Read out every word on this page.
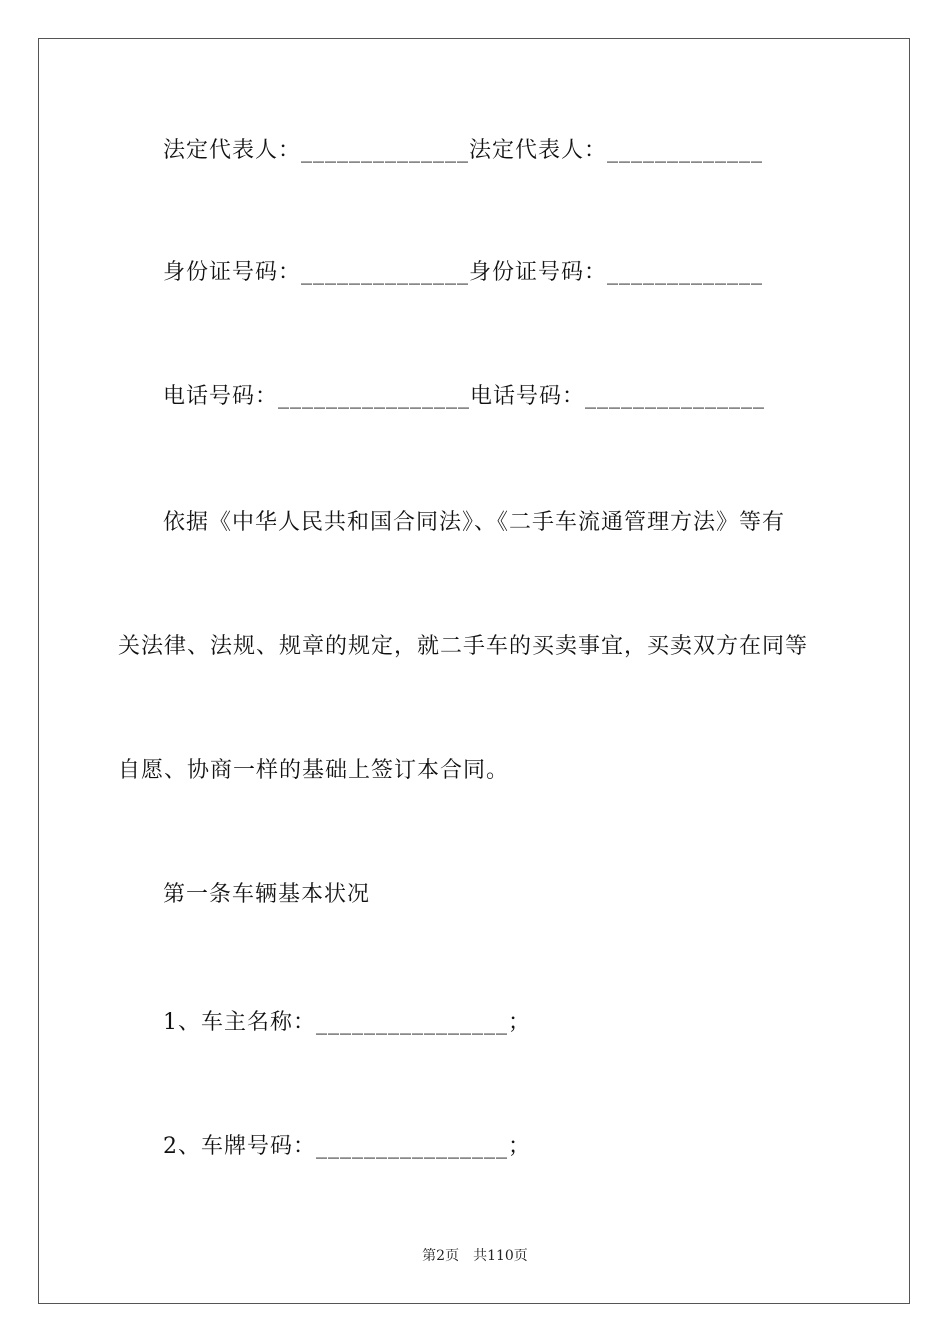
法定代表人：______________法定代表人：_____________
身份证号码：______________身份证号码：_____________
电话号码：________________电话号码：_______________
依据《中华人民共和国合同法》、《二手车流通管理方法》等有
关法律、法规、规章的规定，就二手车的买卖事宜，买卖双方在同等
自愿、协商一样的基础上签订本合同。
第一条车辆基本状况
1、车主名称：________________；
2、车牌号码：________________；
第2页　共110页
